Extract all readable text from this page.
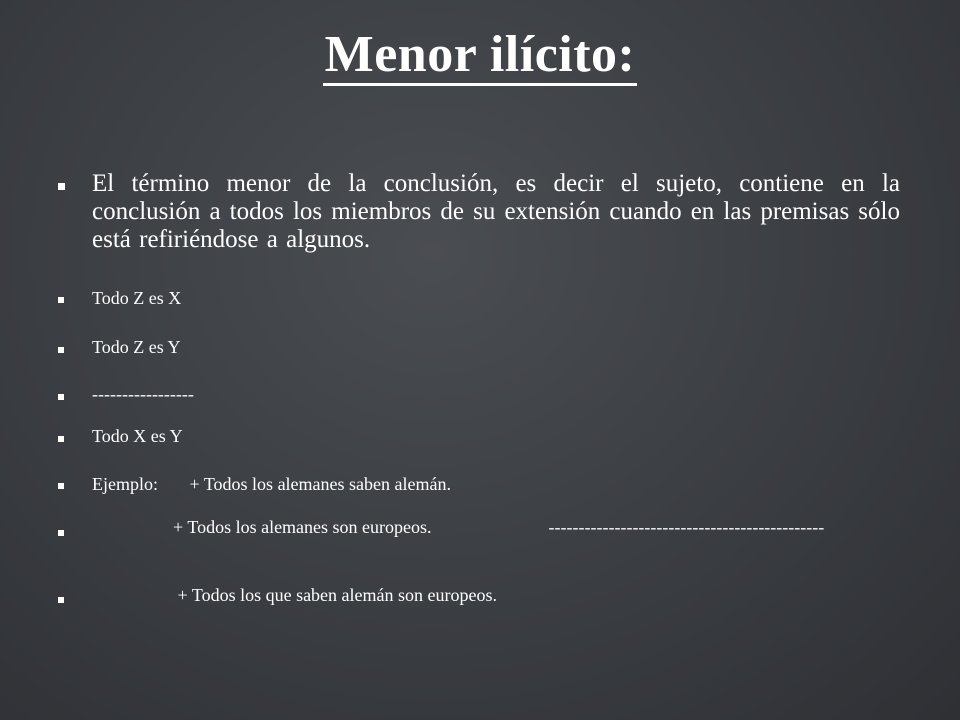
Menor ilícito:
El término menor de la conclusión, es decir el sujeto, contiene en la conclusión a todos los miembros de su extensión cuando en las premisas sólo está refiriéndose a algunos.
Todo Z es X
Todo Z es Y
-----------------
Todo X es Y
Ejemplo:       + Todos los alemanes saben alemán.
+ Todos los alemanes son europeos.                          ----------------------------------------------
+ Todos los que saben alemán son europeos.
